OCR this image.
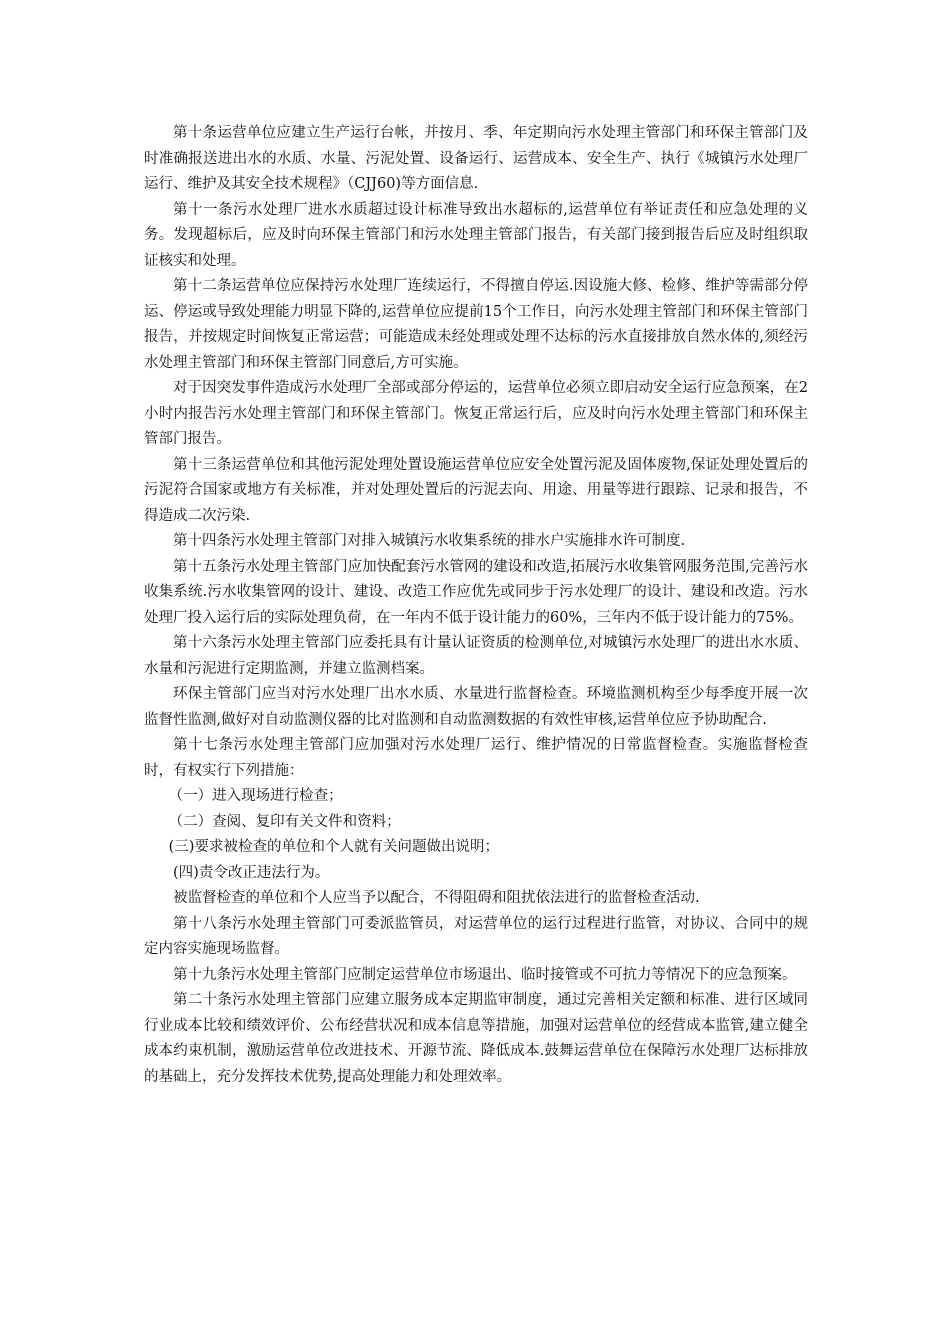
第十条运营单位应建立生产运行台帐，并按月、季、年定期向污水处理主管部门和环保主管部门及时准确报送进出水的水质、水量、污泥处置、设备运行、运营成本、安全生产、执行《城镇污水处理厂运行、维护及其安全技术规程》（CJJ60)等方面信息.

第十一条污水处理厂进水水质超过设计标准导致出水超标的,运营单位有举证责任和应急处理的义务。发现超标后，应及时向环保主管部门和污水处理主管部门报告，有关部门接到报告后应及时组织取证核实和处理。

第十二条运营单位应保持污水处理厂连续运行，不得擅自停运.因设施大修、检修、维护等需部分停运、停运或导致处理能力明显下降的,运营单位应提前15个工作日，向污水处理主管部门和环保主管部门报告，并按规定时间恢复正常运营；可能造成未经处理或处理不达标的污水直接排放自然水体的,须经污水处理主管部门和环保主管部门同意后,方可实施。

对于因突发事件造成污水处理厂全部或部分停运的，运营单位必须立即启动安全运行应急预案，在2小时内报告污水处理主管部门和环保主管部门。恢复正常运行后，应及时向污水处理主管部门和环保主管部门报告。

第十三条运营单位和其他污泥处理处置设施运营单位应安全处置污泥及固体废物,保证处理处置后的污泥符合国家或地方有关标准，并对处理处置后的污泥去向、用途、用量等进行跟踪、记录和报告，不得造成二次污染.

第十四条污水处理主管部门对排入城镇污水收集系统的排水户实施排水许可制度.

第十五条污水处理主管部门应加快配套污水管网的建设和改造,拓展污水收集管网服务范围,完善污水收集系统.污水收集管网的设计、建设、改造工作应优先或同步于污水处理厂的设计、建设和改造。污水处理厂投入运行后的实际处理负荷，在一年内不低于设计能力的60%，三年内不低于设计能力的75%。

第十六条污水处理主管部门应委托具有计量认证资质的检测单位,对城镇污水处理厂的进出水水质、水量和污泥进行定期监测，并建立监测档案。

环保主管部门应当对污水处理厂出水水质、水量进行监督检查。环境监测机构至少每季度开展一次监督性监测,做好对自动监测仪器的比对监测和自动监测数据的有效性审核,运营单位应予协助配合.

第十七条污水处理主管部门应加强对污水处理厂运行、维护情况的日常监督检查。实施监督检查时，有权实行下列措施：

（一）进入现场进行检查；

（二）查阅、复印有关文件和资料；

(三)要求被检查的单位和个人就有关问题做出说明；

(四)责令改正违法行为。

被监督检查的单位和个人应当予以配合，不得阻碍和阻扰依法进行的监督检查活动.

第十八条污水处理主管部门可委派监管员，对运营单位的运行过程进行监管，对协议、合同中的规定内容实施现场监督。

第十九条污水处理主管部门应制定运营单位市场退出、临时接管或不可抗力等情况下的应急预案。

第二十条污水处理主管部门应建立服务成本定期监审制度，通过完善相关定额和标准、进行区域同行业成本比较和绩效评价、公布经营状况和成本信息等措施，加强对运营单位的经营成本监管,建立健全成本约束机制，激励运营单位改进技术、开源节流、降低成本.鼓舞运营单位在保障污水处理厂达标排放的基础上，充分发挥技术优势,提高处理能力和处理效率。
